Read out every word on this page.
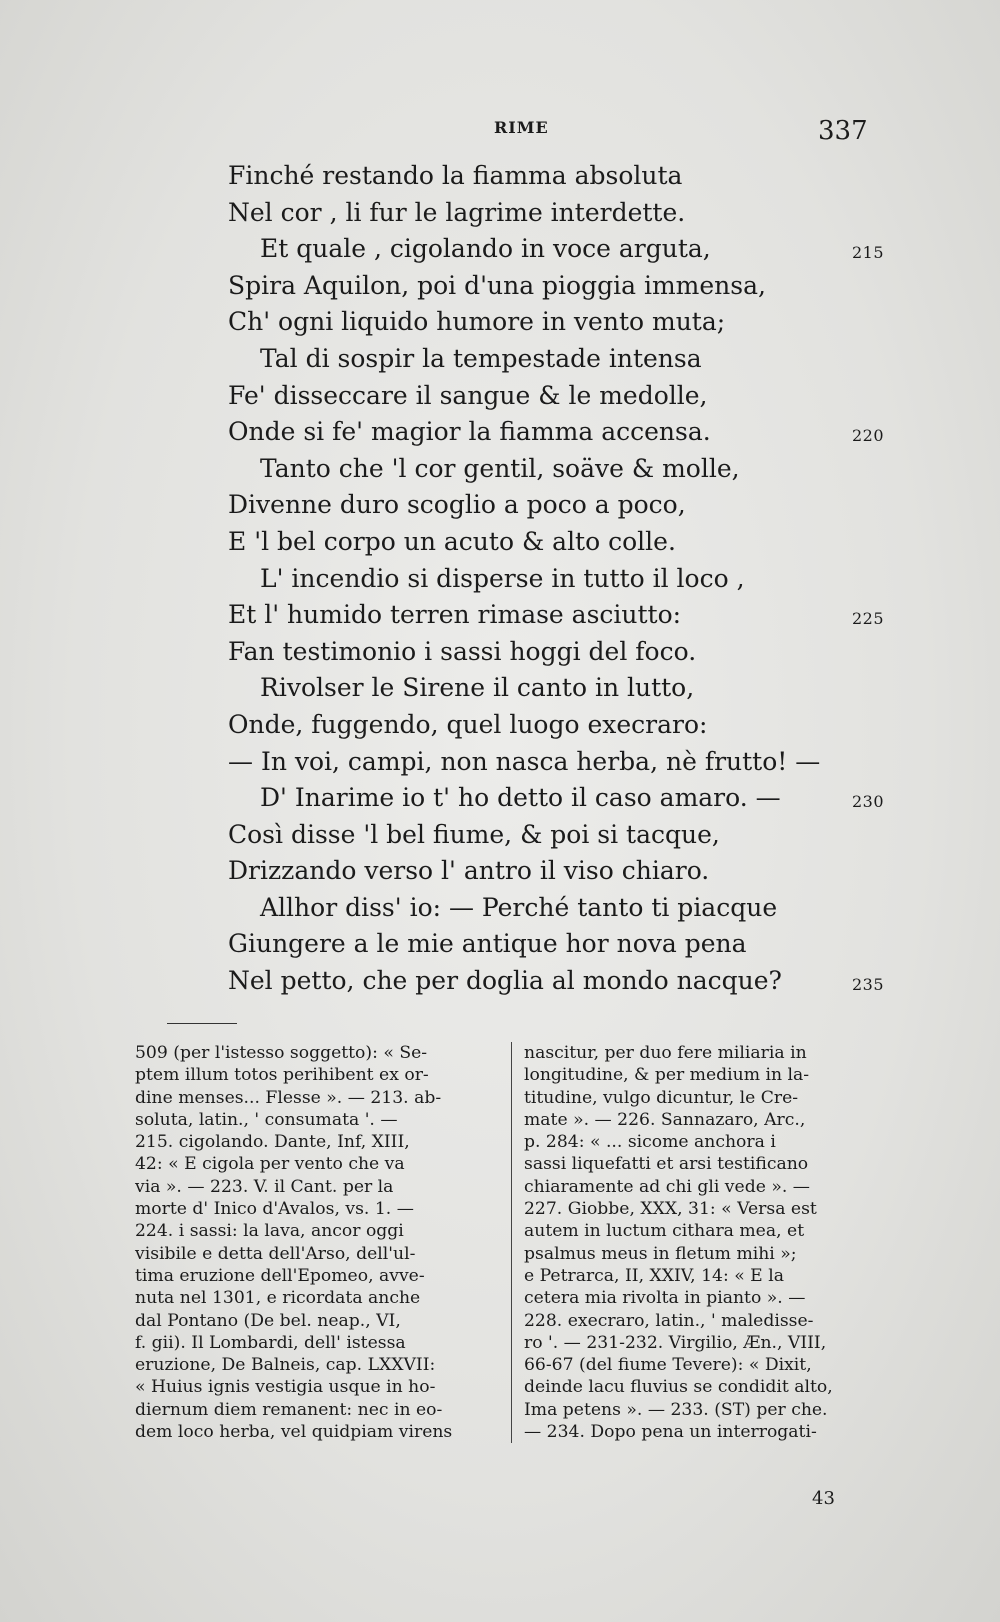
RIME	337
Finché restando la fiamma absoluta
Nel cor , li fur le lagrime interdette.
Et quale , cigolando in voce arguta,	215
Spira Aquilon, poi d'una pioggia immensa,
Ch' ogni liquido humore in vento muta;
Tal di sospir la tempestade intensa
Fe' disseccare il sangue & le medolle,
Onde si fe' magior la fiamma accensa.	220
Tanto che 'l cor gentil, soäve & molle,
Divenne duro scoglio a poco a poco,
E 'l bel corpo un acuto & alto colle.
L' incendio si disperse in tutto il loco ,
Et l' humido terren rimase asciutto:	225
Fan testimonio i sassi hoggi del foco.
Rivolser le Sirene il canto in lutto,
Onde, fuggendo, quel luogo execraro:
— In voi, campi, non nasca herba, nè frutto! —
D' Inarime io t' ho detto il caso amaro. —	230
Così disse 'l bel fiume, & poi si tacque,
Drizzando verso l' antro il viso chiaro.
Allhor diss' io: — Perché tanto ti piacque
Giungere a le mie antique hor nova pena
Nel petto, che per doglia al mondo nacque?	235
509 (per l'istesso soggetto): « Se-
ptem illum totos perihibent ex or-
dine menses... Flesse ». — 213. ab-
soluta, latin., ' consumata '. —
215. cigolando. Dante, Inf, XIII,
42: « E cigola per vento che va
via ». — 223. V. il Cant. per la
morte d' Inico d'Avalos, vs. 1. —
224. i sassi: la lava, ancor oggi
visibile e detta dell'Arso, dell'ul-
tima eruzione dell'Epomeo, avve-
nuta nel 1301, e ricordata anche
dal Pontano (De bel. neap., VI,
f. gii). Il Lombardi, dell' istessa
eruzione, De Balneis, cap. LXXVII:
« Huius ignis vestigia usque in ho-
diernum diem remanent: nec in eo-
dem loco herba, vel quidpiam virens
nascitur, per duo fere miliaria in
longitudine, & per medium in la-
titudine, vulgo dicuntur, le Cre-
mate ». — 226. Sannazaro, Arc.,
p. 284: « ... sicome anchora i
sassi liquefatti et arsi testificano
chiaramente ad chi gli vede ». —
227. Giobbe, XXX, 31: « Versa est
autem in luctum cithara mea, et
psalmus meus in fletum mihi »;
e Petrarca, II, XXIV, 14: « E la
cetera mia rivolta in pianto ». —
228. execraro, latin., ' maledisse-
ro '. — 231-232. Virgilio, Æn., VIII,
66-67 (del fiume Tevere): « Dixit,
deinde lacu fluvius se condidit alto,
Ima petens ». — 233. (ST) per che.
— 234. Dopo pena un interrogati-
43
